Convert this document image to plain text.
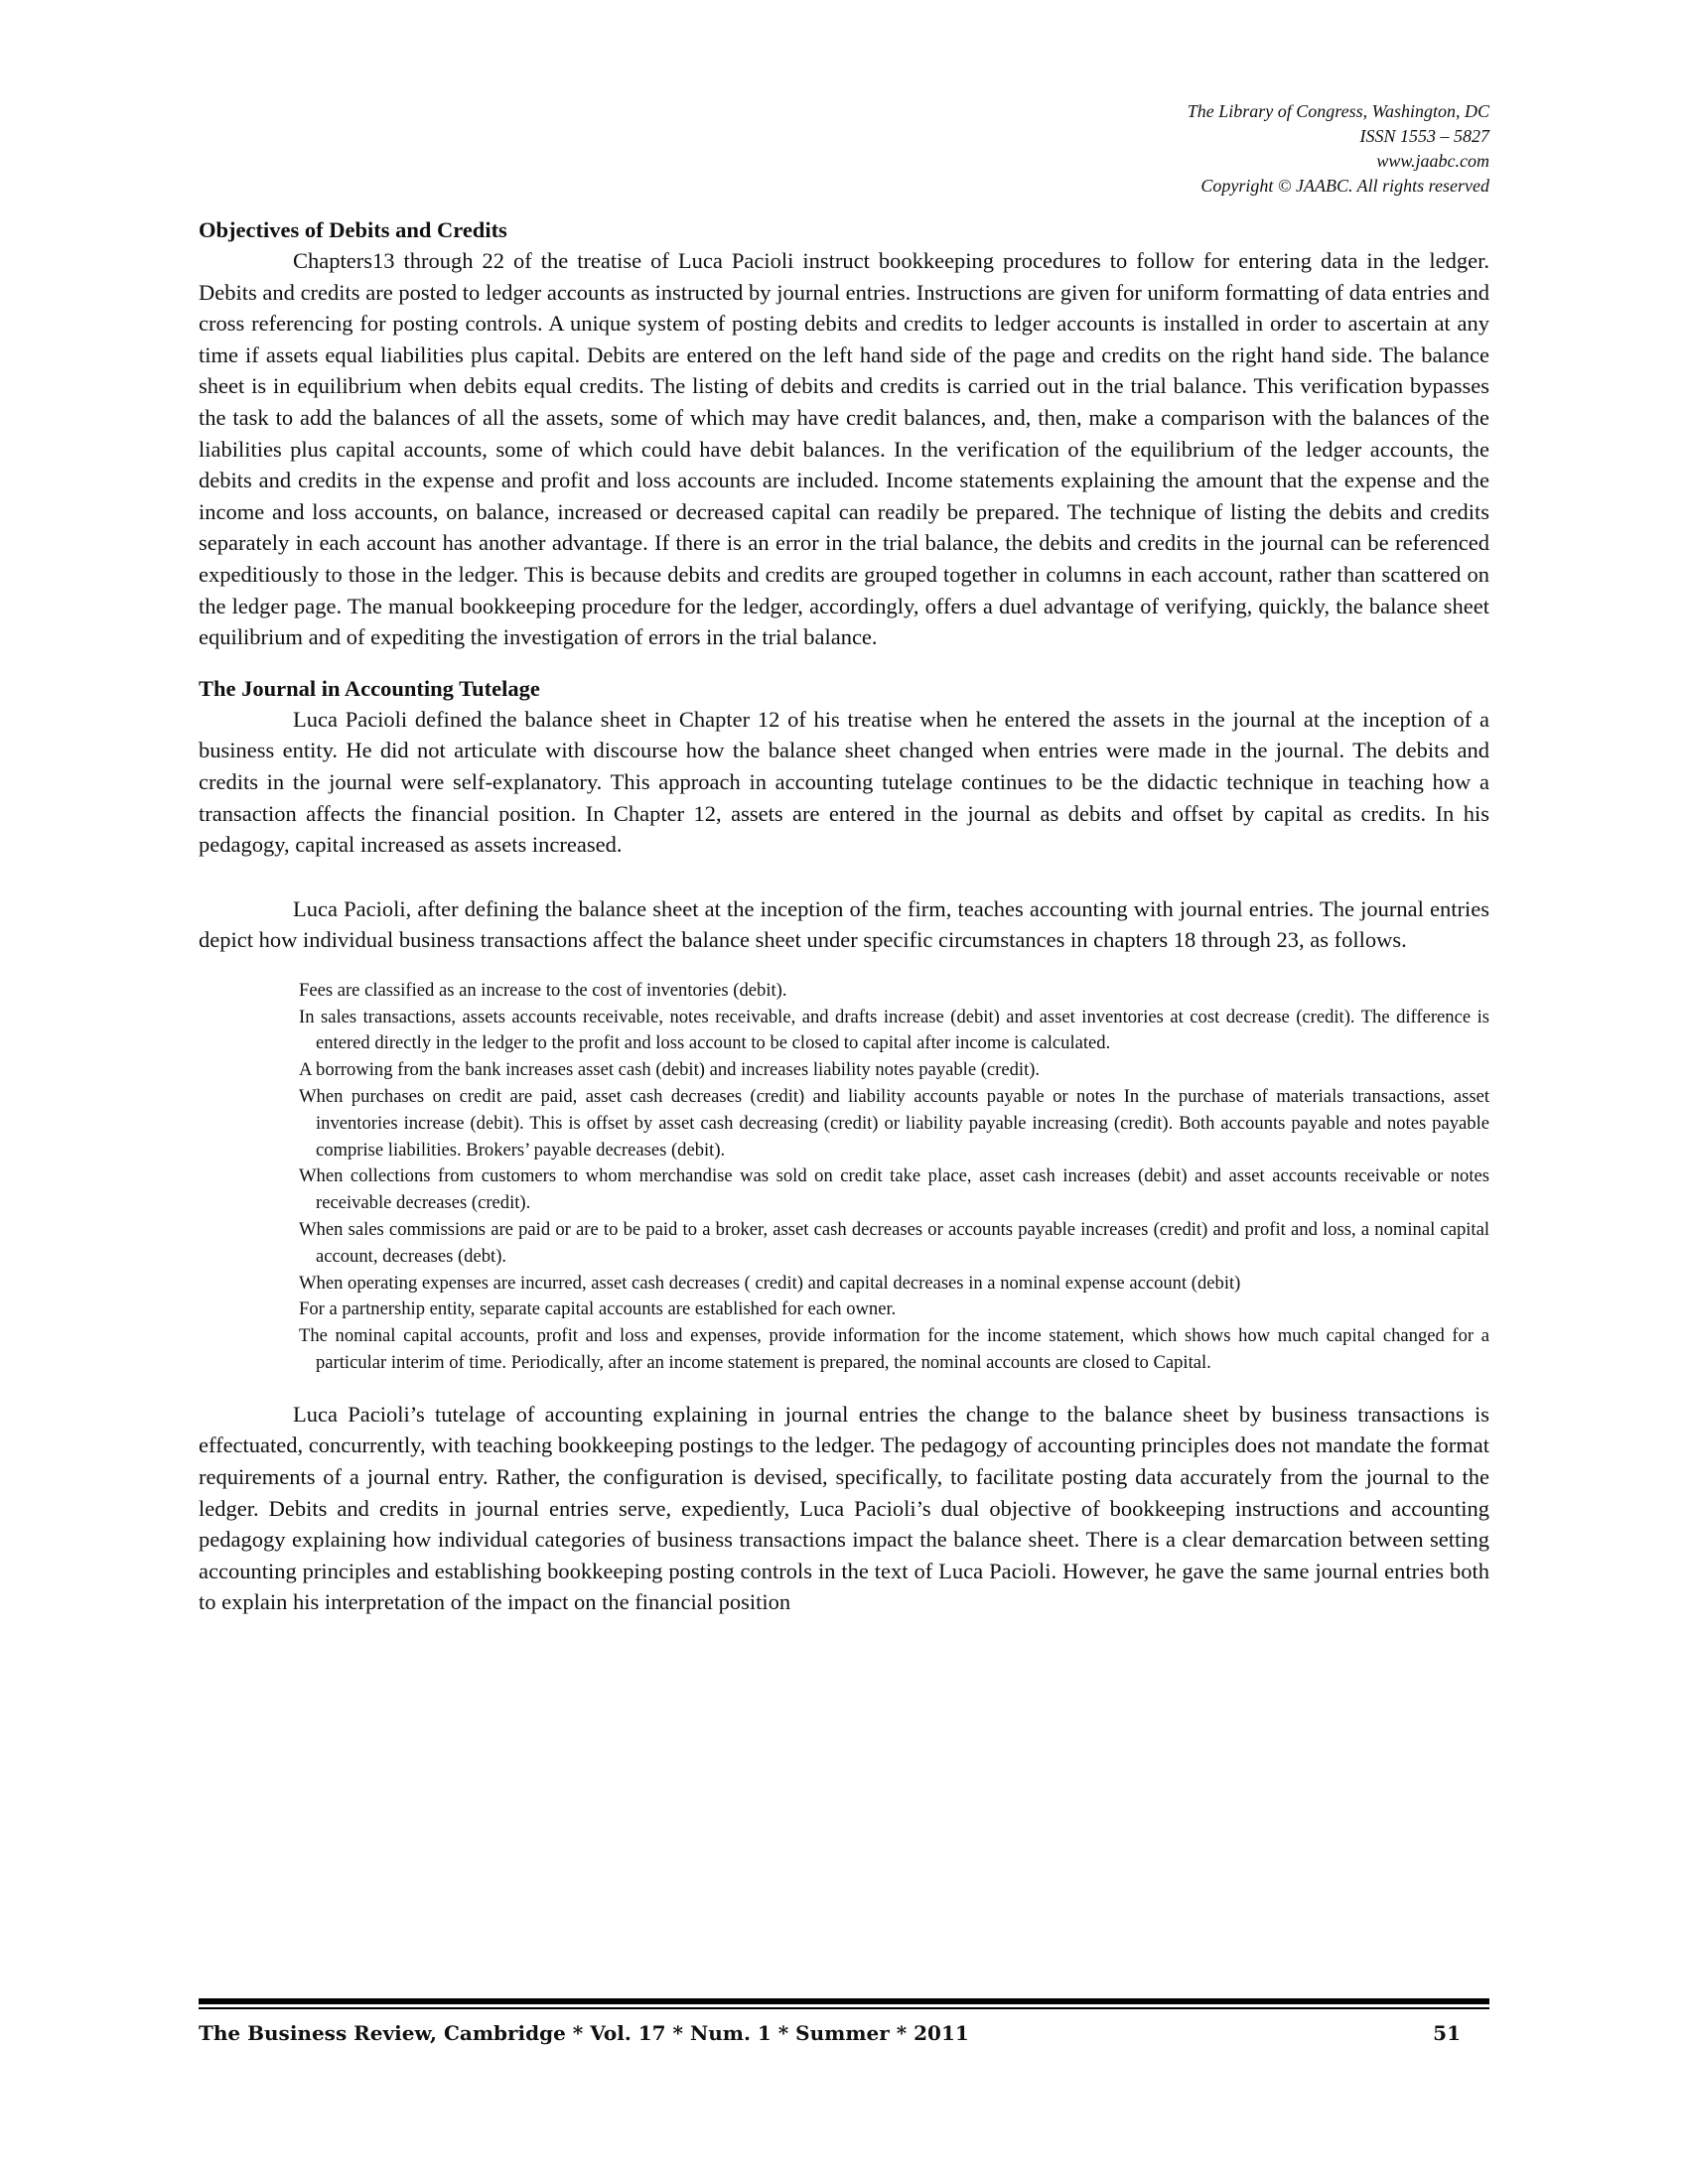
The Library of Congress, Washington, DC
ISSN 1553 – 5827
www.jaabc.com
Copyright © JAABC. All rights reserved
Objectives of Debits and Credits

Chapters13 through 22 of the treatise of Luca Pacioli instruct bookkeeping procedures to follow for entering data in the ledger. Debits and credits are posted to ledger accounts as instructed by journal entries. Instructions are given for uniform formatting of data entries and cross referencing for posting controls. A unique system of posting debits and credits to ledger accounts is installed in order to ascertain at any time if assets equal liabilities plus capital. Debits are entered on the left hand side of the page and credits on the right hand side. The balance sheet is in equilibrium when debits equal credits. The listing of debits and credits is carried out in the trial balance. This verification bypasses the task to add the balances of all the assets, some of which may have credit balances, and, then, make a comparison with the balances of the liabilities plus capital accounts, some of which could have debit balances. In the verification of the equilibrium of the ledger accounts, the debits and credits in the expense and profit and loss accounts are included. Income statements explaining the amount that the expense and the income and loss accounts, on balance, increased or decreased capital can readily be prepared. The technique of listing the debits and credits separately in each account has another advantage. If there is an error in the trial balance, the debits and credits in the journal can be referenced expeditiously to those in the ledger. This is because debits and credits are grouped together in columns in each account, rather than scattered on the ledger page. The manual bookkeeping procedure for the ledger, accordingly, offers a duel advantage of verifying, quickly, the balance sheet equilibrium and of expediting the investigation of errors in the trial balance.

The Journal in Accounting Tutelage

Luca Pacioli defined the balance sheet in Chapter 12 of his treatise when he entered the assets in the journal at the inception of a business entity. He did not articulate with discourse how the balance sheet changed when entries were made in the journal. The debits and credits in the journal were self-explanatory. This approach in accounting tutelage continues to be the didactic technique in teaching how a transaction affects the financial position. In Chapter 12, assets are entered in the journal as debits and offset by capital as credits. In his pedagogy, capital increased as assets increased.

Luca Pacioli, after defining the balance sheet at the inception of the firm, teaches accounting with journal entries. The journal entries depict how individual business transactions affect the balance sheet under specific circumstances in chapters 18 through 23, as follows.

Fees are classified as an increase to the cost of inventories (debit).
In sales transactions, assets accounts receivable, notes receivable, and drafts increase (debit) and asset inventories at cost decrease (credit). The difference is entered directly in the ledger to the profit and loss account to be closed to capital after income is calculated.
A borrowing from the bank increases asset cash (debit) and increases liability notes payable (credit).
When purchases on credit are paid, asset cash decreases (credit) and liability accounts payable or notes In the purchase of materials transactions, asset inventories increase (debit). This is offset by asset cash decreasing (credit) or liability payable increasing (credit). Both accounts payable and notes payable comprise liabilities. Brokers’ payable decreases (debit).
When collections from customers to whom merchandise was sold on credit take place, asset cash increases (debit) and asset accounts receivable or notes receivable decreases (credit).
When sales commissions are paid or are to be paid to a broker, asset cash decreases or accounts payable increases (credit) and profit and loss, a nominal capital account, decreases (debt).
When operating expenses are incurred, asset cash decreases ( credit) and capital decreases in a nominal expense account (debit)
For a partnership entity, separate capital accounts are established for each owner.
The nominal capital accounts, profit and loss and expenses, provide information for the income statement, which shows how much capital changed for a particular interim of time. Periodically, after an income statement is prepared, the nominal accounts are closed to Capital.

Luca Pacioli’s tutelage of accounting explaining in journal entries the change to the balance sheet by business transactions is effectuated, concurrently, with teaching bookkeeping postings to the ledger. The pedagogy of accounting principles does not mandate the format requirements of a journal entry. Rather, the configuration is devised, specifically, to facilitate posting data accurately from the journal to the ledger. Debits and credits in journal entries serve, expediently, Luca Pacioli’s dual objective of bookkeeping instructions and accounting pedagogy explaining how individual categories of business transactions impact the balance sheet. There is a clear demarcation between setting accounting principles and establishing bookkeeping posting controls in the text of Luca Pacioli. However, he gave the same journal entries both to explain his interpretation of the impact on the financial position

The Business Review, Cambridge * Vol. 17 * Num. 1 * Summer * 2011	51
